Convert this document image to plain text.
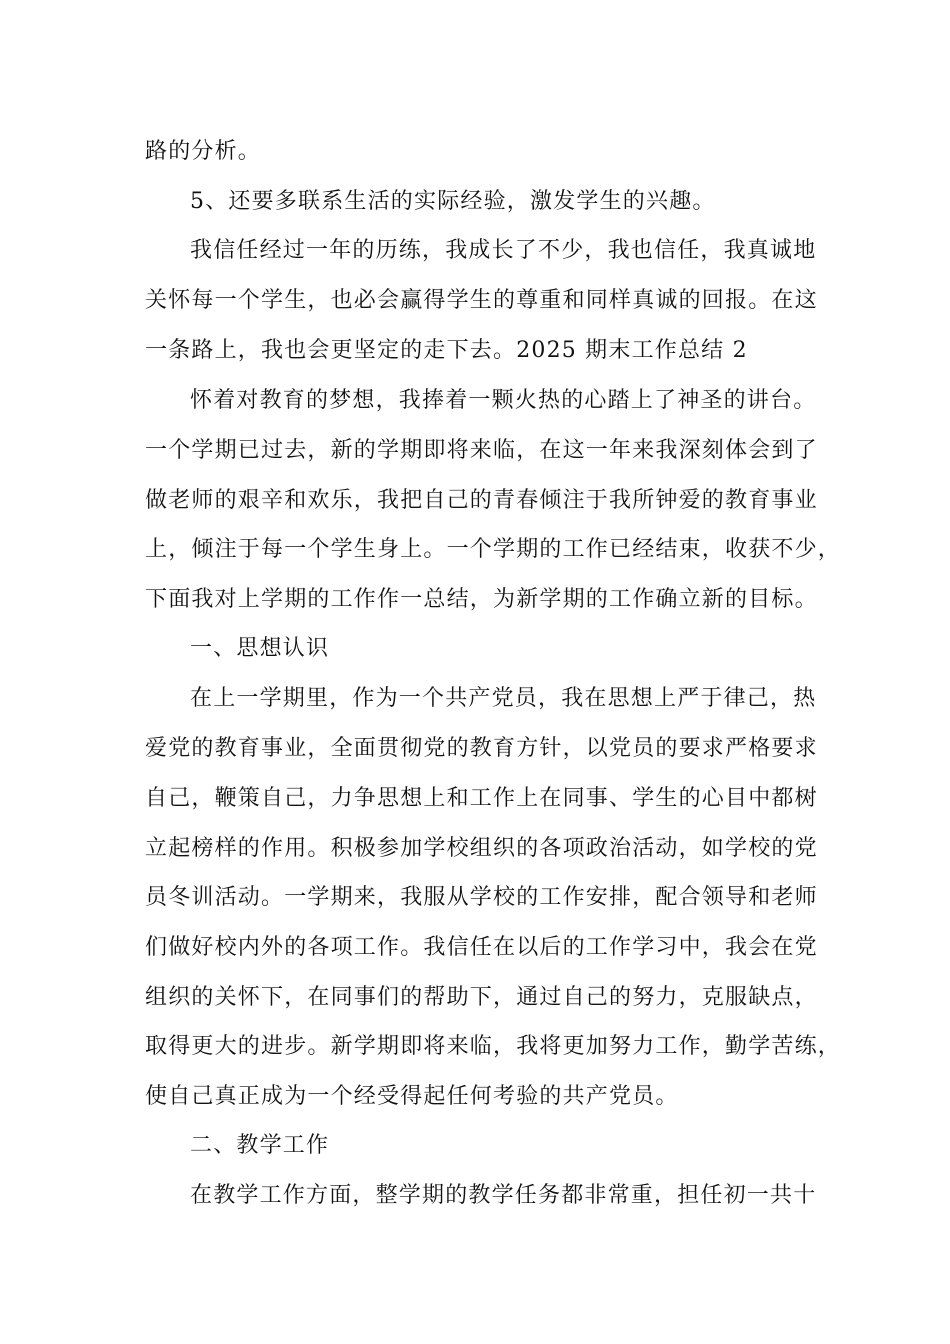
路的分析。
5、还要多联系生活的实际经验，激发学生的兴趣。
我信任经过一年的历练，我成长了不少，我也信任，我真诚地
关怀每一个学生，也必会赢得学生的尊重和同样真诚的回报。在这
一条路上，我也会更坚定的走下去。2025 期末工作总结 2
怀着对教育的梦想，我捧着一颗火热的心踏上了神圣的讲台。
一个学期已过去，新的学期即将来临，在这一年来我深刻体会到了
做老师的艰辛和欢乐，我把自己的青春倾注于我所钟爱的教育事业
上，倾注于每一个学生身上。一个学期的工作已经结束，收获不少，
下面我对上学期的工作作一总结，为新学期的工作确立新的目标。
一、思想认识
在上一学期里，作为一个共产党员，我在思想上严于律己，热
爱党的教育事业，全面贯彻党的教育方针，以党员的要求严格要求
自己，鞭策自己，力争思想上和工作上在同事、学生的心目中都树
立起榜样的作用。积极参加学校组织的各项政治活动，如学校的党
员冬训活动。一学期来，我服从学校的工作安排，配合领导和老师
们做好校内外的各项工作。我信任在以后的工作学习中，我会在党
组织的关怀下，在同事们的帮助下，通过自己的努力，克服缺点，
取得更大的进步。新学期即将来临，我将更加努力工作，勤学苦练，
使自己真正成为一个经受得起任何考验的共产党员。
二、教学工作
在教学工作方面，整学期的教学任务都非常重，担任初一共十
